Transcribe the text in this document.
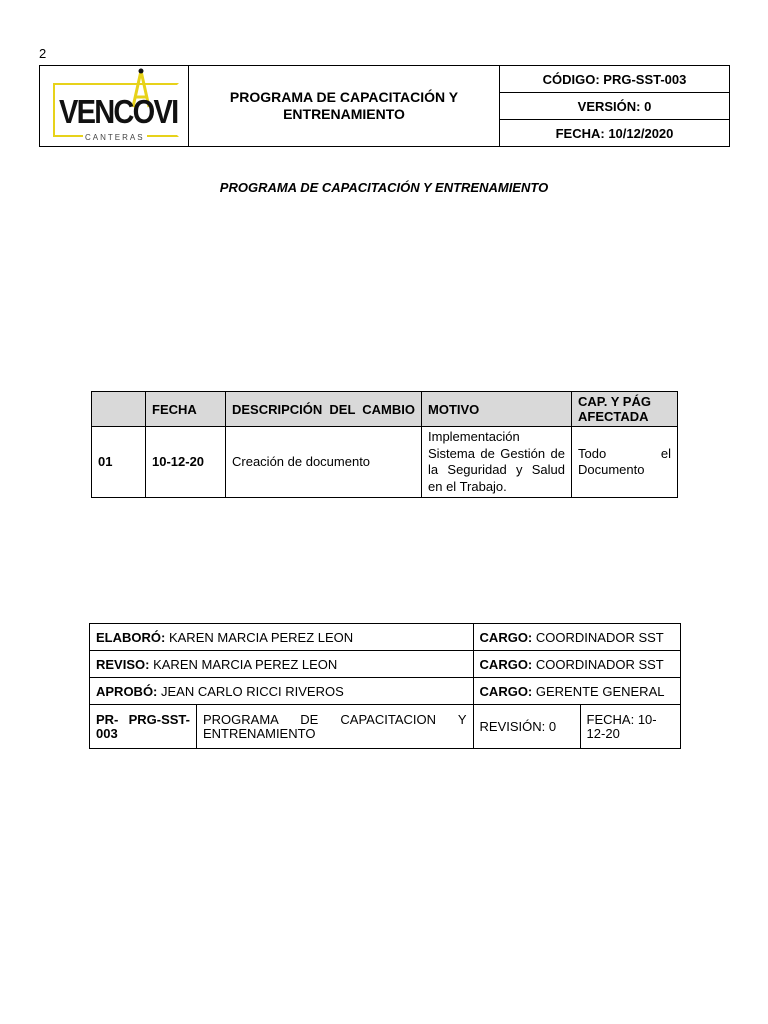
2
VENCOVI
CANTERAS
	PROGRAMA DE CAPACITACIÓN Y ENTRENAMIENTO	CÓDIGO: PRG-SST-003
VERSIÓN: 0
FECHA: 10/12/2020
PROGRAMA DE CAPACITACIÓN Y ENTRENAMIENTO
	FECHA	DESCRIPCIÓN DEL CAMBIO	MOTIVO	CAP. Y PÁG AFECTADA
01	10-12-20	Creación de documento	Implementación Sistema de Gestión de la Seguridad y Salud en el Trabajo.	Todo el Documento
ELABORÓ: KAREN MARCIA PEREZ LEON		CARGO: COORDINADOR SST	
REVISO: KAREN MARCIA PEREZ LEON		CARGO: COORDINADOR SST	
APROBÓ: JEAN CARLO RICCI RIVEROS		CARGO: GERENTE GENERAL	
PR- PRG-SST-003	PROGRAMA DE CAPACITACION Y ENTRENAMIENTO	REVISIÓN: 0	FECHA: 10-12-20
